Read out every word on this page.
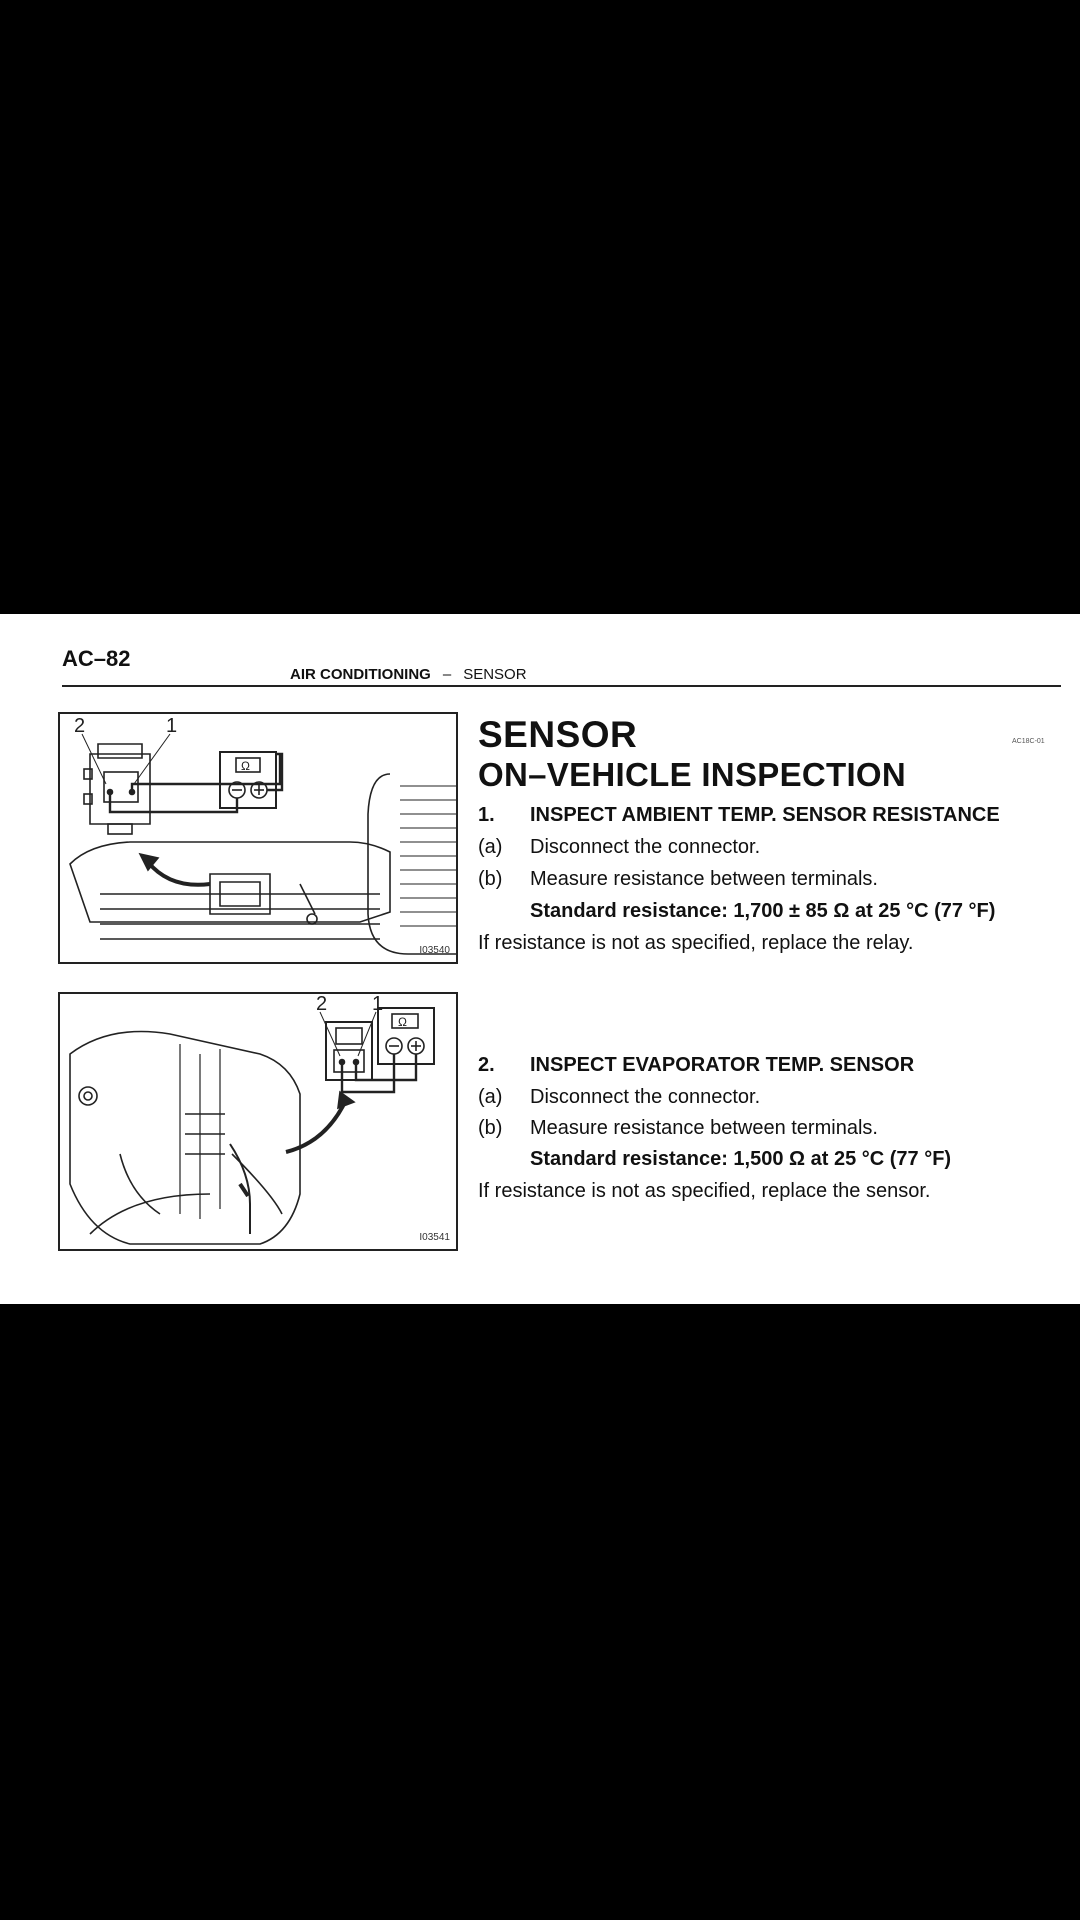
AC–82
AIR CONDITIONING – SENSOR
2	1
Ω
I03540
2 1
Ω
I03541
SENSOR
ON–VEHICLE INSPECTION
AC18C-01
1. INSPECT AMBIENT TEMP. SENSOR RESISTANCE
(a) Disconnect the connector.
(b) Measure resistance between terminals.
Standard resistance: 1,700 ± 85 Ω at 25 °C (77 °F)
If resistance is not as specified, replace the relay.
2. INSPECT EVAPORATOR TEMP. SENSOR
(a) Disconnect the connector.
(b) Measure resistance between terminals.
Standard resistance: 1,500 Ω at 25 °C (77 °F)
If resistance is not as specified, replace the sensor.
